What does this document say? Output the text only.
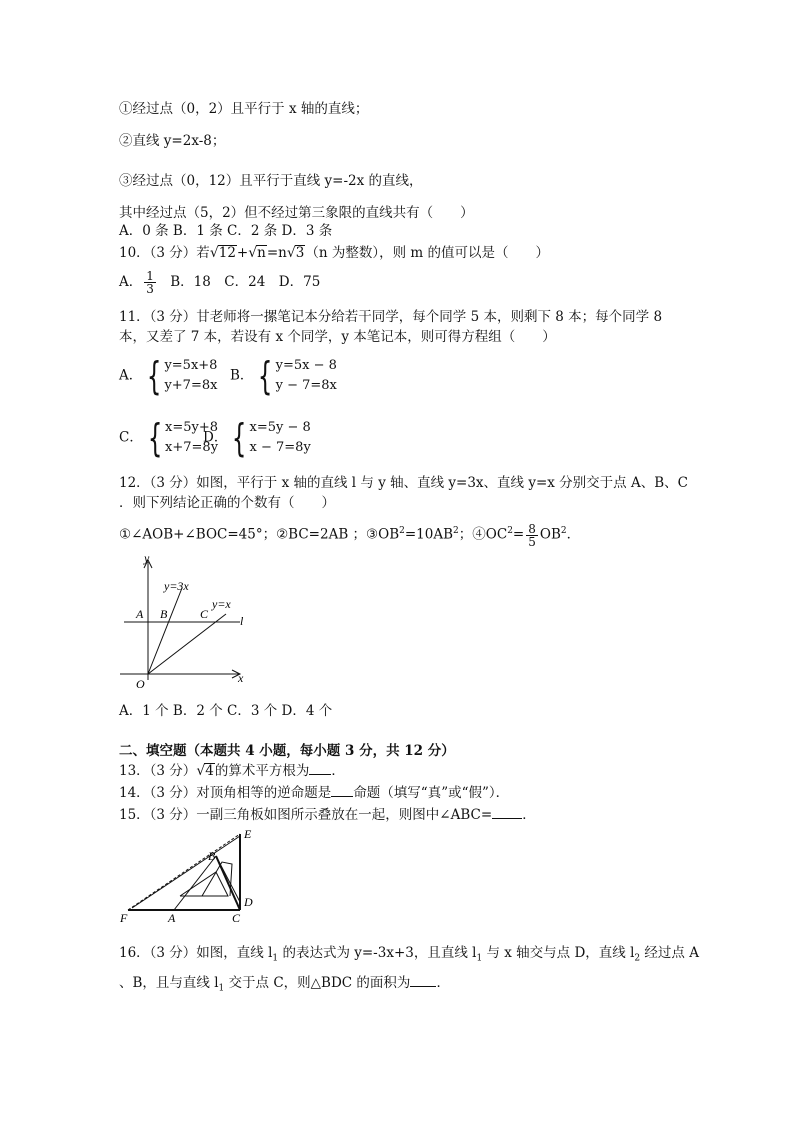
①经过点（0，2）且平行于 x 轴的直线；
②直线 y=2x-8；
③经过点（0，12）且平行于直线 y=-2x 的直线，
其中经过点（5，2）但不经过第三象限的直线共有（　　）
A．0 条 B．1 条 C．2 条 D．3 条
10．（3 分）若√12+√n=n√3（n 为整数），则 m 的值可以是（　　）
A． $\frac{1}{3}$ B．18　C．24　D．75
11．（3 分）甘老师将一摞笔记本分给若干同学，每个同学 5 本，则剩下 8 本；每个同学 8
本，又差了 7 本，若设有 x 个同学，y 本笔记本，则可得方程组（　　）
A． { y=5x+8
y+7=8x
B． { y=5x − 8
y − 7=8x
C． { x=5y+8
x+7=8y
D． { x=5y − 8
x − 7=8y
12．（3 分）如图，平行于 x 轴的直线 l 与 y 轴、直线 y=3x、直线 y=x 分别交于点 A、B、C
．则下列结论正确的个数有（　　）
①∠AOB+∠BOC=45°；②BC=2AB ；$③OB^2=10AB^2$；$④OC^2= \frac{8}{5} OB^2$．
y
y=3x
y=x
A B	C	l
O	x
A．1 个 B．2 个 C．3 个 D．4 个
二、填空题（本题共 4 小题，每小题 3 分，共 12 分）
13．（3 分）√4的算术平方根为 ．
14．（3 分）对顶角相等的逆命题是 命题（填写“真”或“假”）．
15．（3 分）一副三角板如图所示叠放在一起，则图中∠ABC= ．
E
B
D
F	A	C
16．（3 分）如图，直线 $l_1$ 的表达式为 y=-3x+3，且直线 $l_1$ 与 x 轴交与点 D，直线 $l_2$ 经过点 A
、B，且与直线 $l_1$ 交于点 C，则△BDC 的面积为 ．
